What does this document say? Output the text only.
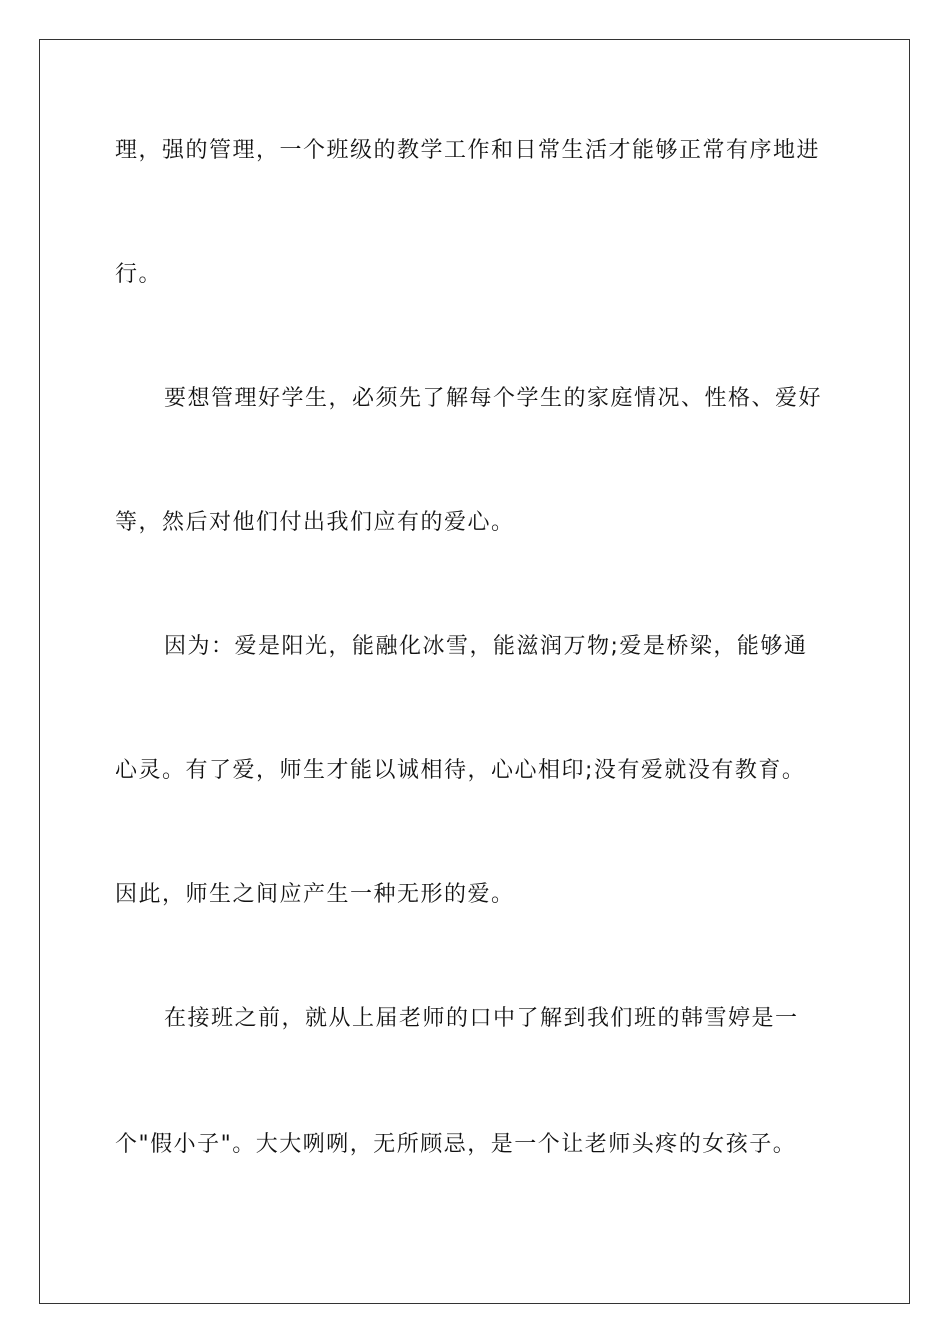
理，强的管理，一个班级的教学工作和日常生活才能够正常有序地进
行。
要想管理好学生，必须先了解每个学生的家庭情况、性格、爱好
等，然后对他们付出我们应有的爱心。
因为：爱是阳光，能融化冰雪，能滋润万物;爱是桥梁，能够通
心灵。有了爱，师生才能以诚相待，心心相印;没有爱就没有教育。
因此，师生之间应产生一种无形的爱。
在接班之前，就从上届老师的口中了解到我们班的韩雪婷是一
个"假小子"。大大咧咧，无所顾忌，是一个让老师头疼的女孩子。
